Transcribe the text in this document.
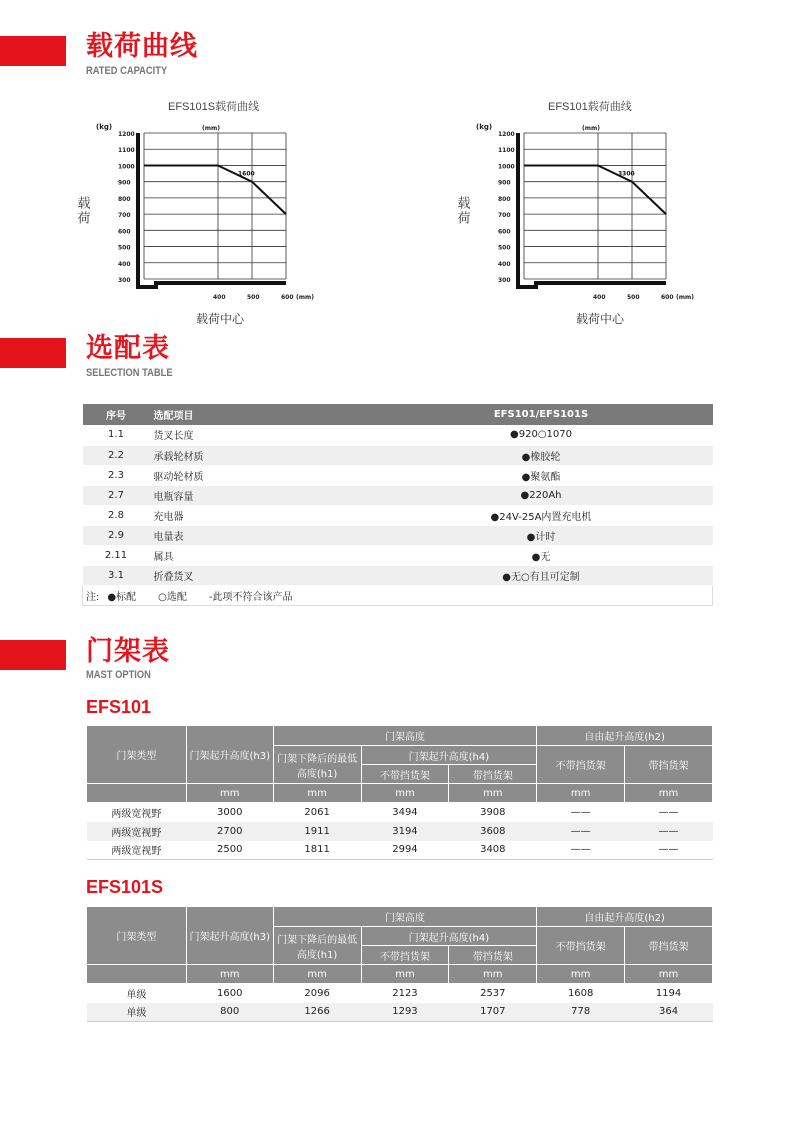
载荷曲线
RATED CAPACITY
EFS101S载荷曲线
(kg)	(mm)
1200
1100
1000
900
800
700
600
500
400
300
400	500	600 (mm)
1600
载荷
载荷中心
EFS101载荷曲线
(kg)	(mm)
1200
1100
1000
900
800
700
600
500
400
300
400	500	600 (mm)
3300
载荷
载荷中心
选配表
SELECTION TABLE
序号	选配项目	EFS101/EFS101S
1.1	货叉长度	●920○1070
2.2	承载轮材质	●橡胶轮
2.3	驱动轮材质	●聚氨酯
2.7	电瓶容量	●220Ah
2.8	充电器	●24V-25A内置充电机
2.9	电量表	●计时
2.11	属具	●无
3.1	折叠货叉	●无○有且可定制
注: ●标配 ○选配 -此项不符合该产品		
门架表
MAST OPTION
EFS101
门架类型	门架起升高度(h3)	门架高度			自由起升高度(h2)	
		门架下降后的最低高度(h1)	门架起升高度(h4)		不带挡货架	带挡货架
			不带挡货架	带挡货架		
	mm	mm	mm	mm	mm	mm
两级宽视野	3000	2061	3494	3908	——	——
两级宽视野	2700	1911	3194	3608	——	——
两级宽视野	2500	1811	2994	3408	——	——
EFS101S
门架类型	门架起升高度(h3)	门架高度			自由起升高度(h2)	
		门架下降后的最低高度(h1)	门架起升高度(h4)		不带挡货架	带挡货架
			不带挡货架	带挡货架		
	mm	mm	mm	mm	mm	mm
单级	1600	2096	2123	2537	1608	1194
单级	800	1266	1293	1707	778	364
